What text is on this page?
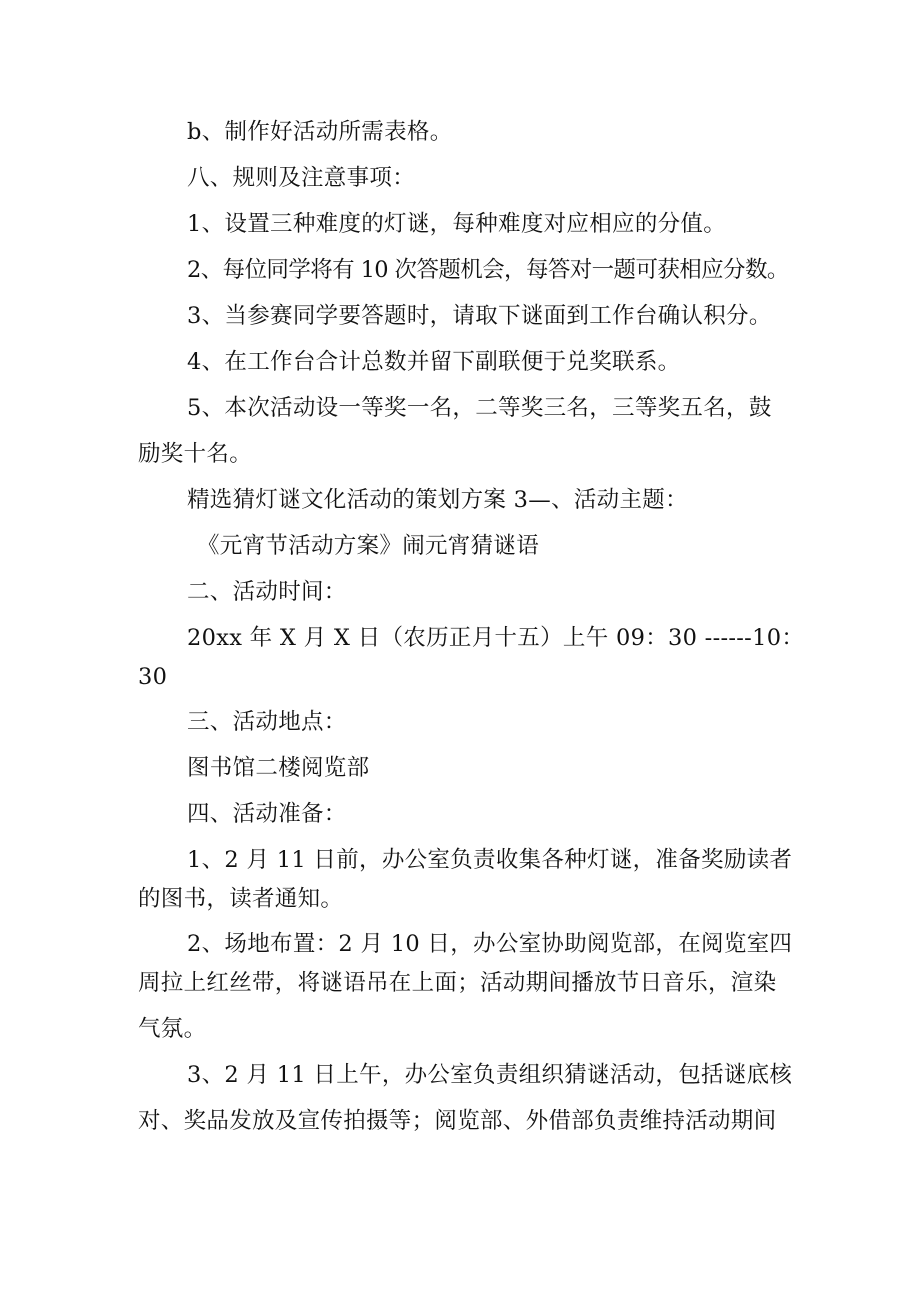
b、制作好活动所需表格。
八、规则及注意事项：
1、设置三种难度的灯谜，每种难度对应相应的分值。
2、每位同学将有 10 次答题机会，每答对一题可获相应分数。
3、当参赛同学要答题时，请取下谜面到工作台确认积分。
4、在工作台合计总数并留下副联便于兑奖联系。
5、本次活动设一等奖一名，二等奖三名，三等奖五名，鼓
励奖十名。
精选猜灯谜文化活动的策划方案 3—、活动主题：
《元宵节活动方案》闹元宵猜谜语
二、活动时间：
20xx 年 X 月 X 日（农历正月十五）上午 09：30 ------10：
30
三、活动地点：
图书馆二楼阅览部
四、活动准备：
1、2 月 11 日前，办公室负责收集各种灯谜，准备奖励读者
的图书，读者通知。
2、场地布置：2 月 10 日，办公室协助阅览部，在阅览室四
周拉上红丝带，将谜语吊在上面；活动期间播放节日音乐，渲染
气氛。
3、2 月 11 日上午，办公室负责组织猜谜活动，包括谜底核
对、奖品发放及宣传拍摄等；阅览部、外借部负责维持活动期间
